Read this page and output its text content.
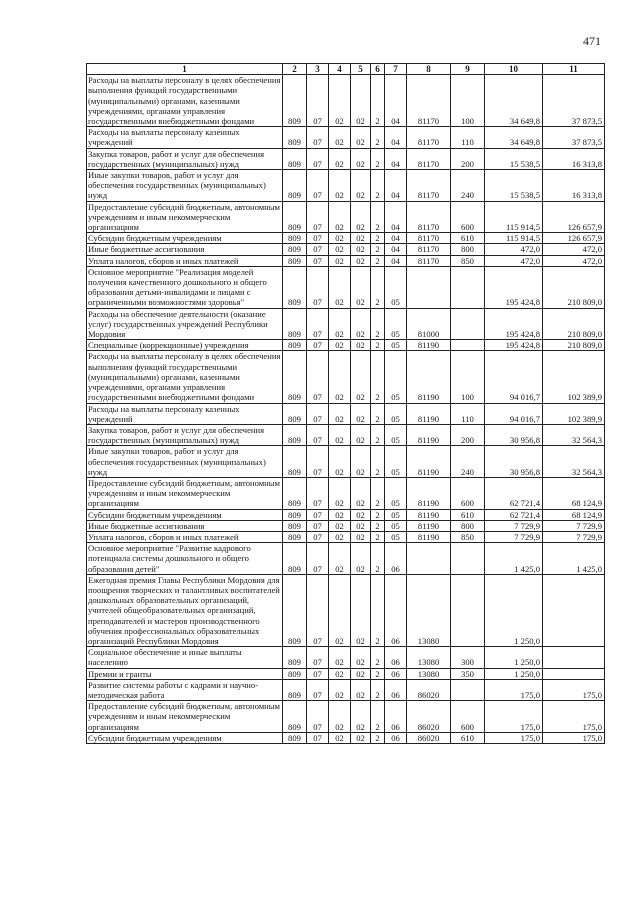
471
1	2	3	4	5	6	7	8	9	10	11
Расходы на выплаты персоналу в целях обеспечения выполнения функций государственными (муниципальными) органами, казенными учреждениями, органами управления государственными внебюджетными фондами	809	07	02	02	2	04	81170	100	34 649,8	37 873,5
Расходы на выплаты персоналу казенных учреждений	809	07	02	02	2	04	81170	110	34 649,8	37 873,5
Закупка товаров, работ и услуг для обеспечения государственных (муниципальных) нужд	809	07	02	02	2	04	81170	200	15 538,5	16 313,8
Иные закупки товаров, работ и услуг для обеспечения государственных (муниципальных) нужд	809	07	02	02	2	04	81170	240	15 538,5	16 313,8
Предоставление субсидий бюджетным, автономным учреждениям и иным некоммерческим организациям	809	07	02	02	2	04	81170	600	115 914,5	126 657,9
Субсидии бюджетным учреждениям	809	07	02	02	2	04	81170	610	115 914,5	126 657,9
Иные бюджетные ассигнования	809	07	02	02	2	04	81170	800	472,0	472,0
Уплата налогов, сборов и иных платежей	809	07	02	02	2	04	81170	850	472,0	472,0
Основное мероприятие "Реализация моделей получения качественного дошкольного и общего образования детьми-инвалидами и лицами с ограниченными возможностями здоровья"	809	07	02	02	2	05			195 424,8	210 809,0
Расходы на обеспечение деятельности (оказание услуг) государственных учреждений Республики Мордовия	809	07	02	02	2	05	81000		195 424,8	210 809,0
Специальные (коррекционные) учреждения	809	07	02	02	2	05	81190		195 424,8	210 809,0
Расходы на выплаты персоналу в целях обеспечения выполнения функций государственными (муниципальными) органами, казенными учреждениями, органами управления государственными внебюджетными фондами	809	07	02	02	2	05	81190	100	94 016,7	102 389,9
Расходы на выплаты персоналу казенных учреждений	809	07	02	02	2	05	81190	110	94 016,7	102 389,9
Закупка товаров, работ и услуг для обеспечения государственных (муниципальных) нужд	809	07	02	02	2	05	81190	200	30 956,8	32 564,3
Иные закупки товаров, работ и услуг для обеспечения государственных (муниципальных) нужд	809	07	02	02	2	05	81190	240	30 956,8	32 564,3
Предоставление субсидий бюджетным, автономным учреждениям и иным некоммерческим организациям	809	07	02	02	2	05	81190	600	62 721,4	68 124,9
Субсидии бюджетным учреждениям	809	07	02	02	2	05	81190	610	62 721,4	68 124,9
Иные бюджетные ассигнования	809	07	02	02	2	05	81190	800	7 729,9	7 729,9
Уплата налогов, сборов и иных платежей	809	07	02	02	2	05	81190	850	7 729,9	7 729,9
Основное мероприятие "Развитие кадрового потенциала системы дошкольного и общего образования детей"	809	07	02	02	2	06			1 425,0	1 425,0
Ежегодная премия Главы Республики Мордовия для поощрения творческих и талантливых воспитателей дошкольных образовательных организаций, учителей общеобразовательных организаций, преподавателей и мастеров производственного обучения профессиональных образовательных организаций Республики Мордовия	809	07	02	02	2	06	13080		1 250,0	
Социальное обеспечение и иные выплаты населению	809	07	02	02	2	06	13080	300	1 250,0	
Премии и гранты	809	07	02	02	2	06	13080	350	1 250,0	
Развитие системы работы с кадрами и научно-методическая работа	809	07	02	02	2	06	86020		175,0	175,0
Предоставление субсидий бюджетным, автономным учреждениям и иным некоммерческим организациям	809	07	02	02	2	06	86020	600	175,0	175,0
Субсидии бюджетным учреждениям	809	07	02	02	2	06	86020	610	175,0	175,0
